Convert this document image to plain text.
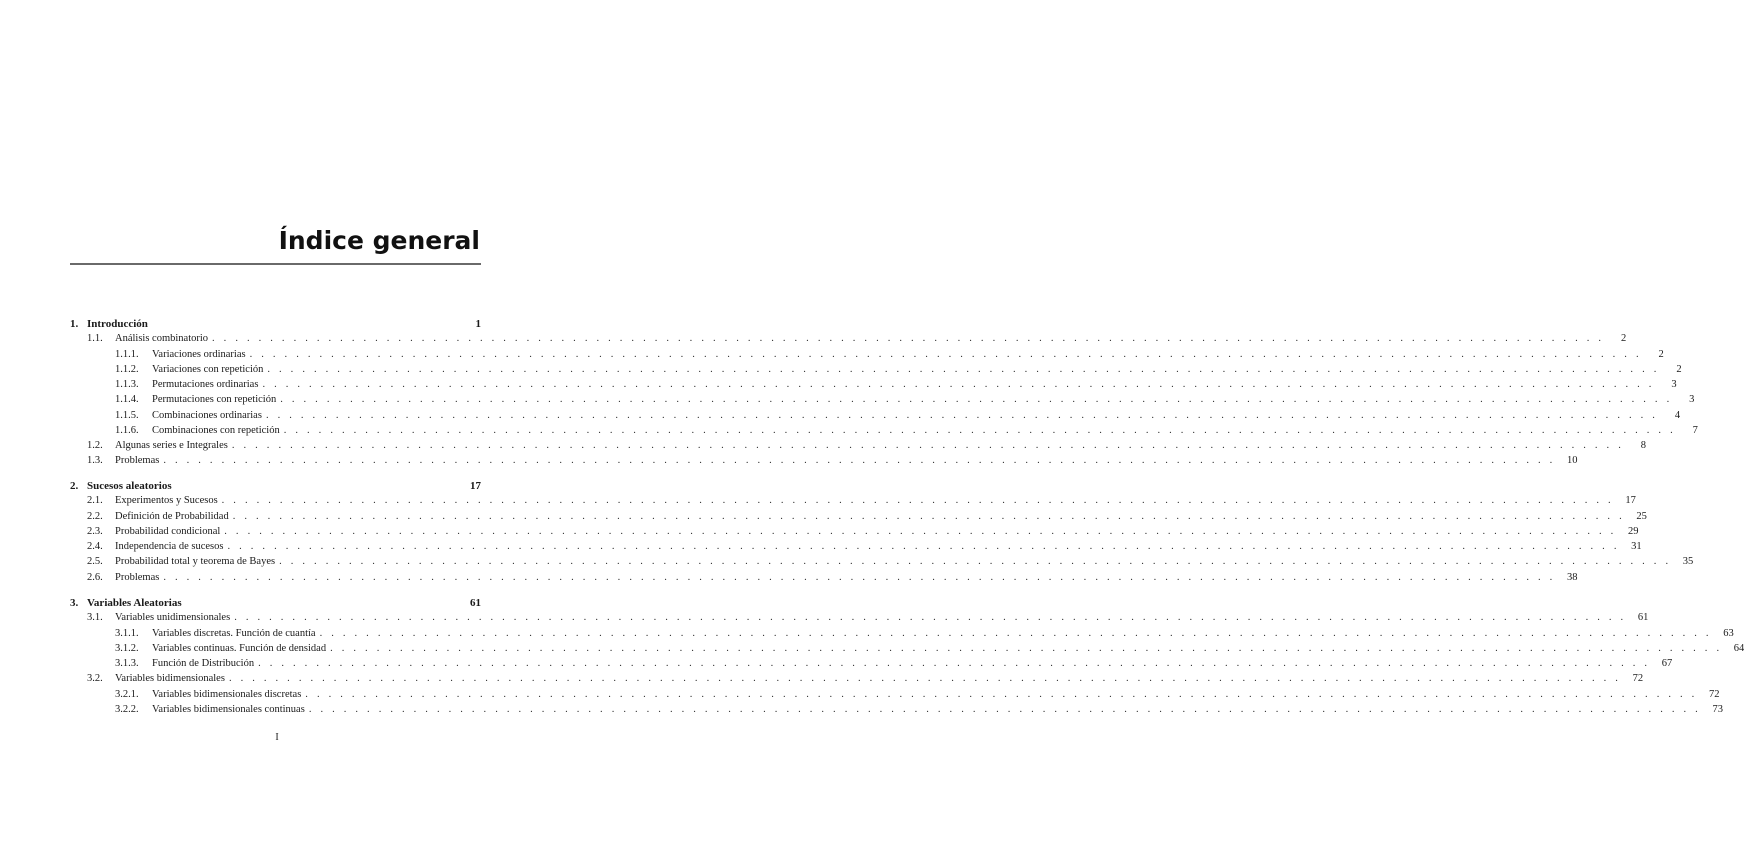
Índice general
1. Introducción	1
1.1.	Análisis combinatorio . . . . . . . . . . . . . . . . . . . . . . . . . . . . . . . . . . . . . . . . . . . . . . . . . . . . . . . . . . . . . . . . . . . . . . . . . . . . . . . . . . . . . . . . . . . . . . . . . . . . . . . . . . . . . . . . . . . . . . . .	2
1.1.1.	Variaciones ordinarias . . . . . . . . . . . . . . . . . . . . . . . . . . . . . . . . . . . . . . . . . . . . . . . . . . . . . . . . . . . . . . . . . . . . . . . . . . . . . . . . . . . . . . . . . . . . . . . . . . . . . . . . . . . . . . . . . . . . . . . .	2
1.1.2.	Variaciones con repetición . . . . . . . . . . . . . . . . . . . . . . . . . . . . . . . . . . . . . . . . . . . . . . . . . . . . . . . . . . . . . . . . . . . . . . . . . . . . . . . . . . . . . . . . . . . . . . . . . . . . . . . . . . . . . . . . . . . . . . . .	2
1.1.3.	Permutaciones ordinarias . . . . . . . . . . . . . . . . . . . . . . . . . . . . . . . . . . . . . . . . . . . . . . . . . . . . . . . . . . . . . . . . . . . . . . . . . . . . . . . . . . . . . . . . . . . . . . . . . . . . . . . . . . . . . . . . . . . . . . . .	3
1.1.4.	Permutaciones con repetición . . . . . . . . . . . . . . . . . . . . . . . . . . . . . . . . . . . . . . . . . . . . . . . . . . . . . . . . . . . . . . . . . . . . . . . . . . . . . . . . . . . . . . . . . . . . . . . . . . . . . . . . . . . . . . . . . . . . . . . .	3
1.1.5.	Combinaciones ordinarias . . . . . . . . . . . . . . . . . . . . . . . . . . . . . . . . . . . . . . . . . . . . . . . . . . . . . . . . . . . . . . . . . . . . . . . . . . . . . . . . . . . . . . . . . . . . . . . . . . . . . . . . . . . . . . . . . . . . . . . .	4
1.1.6.	Combinaciones con repetición . . . . . . . . . . . . . . . . . . . . . . . . . . . . . . . . . . . . . . . . . . . . . . . . . . . . . . . . . . . . . . . . . . . . . . . . . . . . . . . . . . . . . . . . . . . . . . . . . . . . . . . . . . . . . . . . . . . . . . . .	7
1.2.	Algunas series e Integrales . . . . . . . . . . . . . . . . . . . . . . . . . . . . . . . . . . . . . . . . . . . . . . . . . . . . . . . . . . . . . . . . . . . . . . . . . . . . . . . . . . . . . . . . . . . . . . . . . . . . . . . . . . . . . . . . . . . . . . . .	8
1.3.	Problemas . . . . . . . . . . . . . . . . . . . . . . . . . . . . . . . . . . . . . . . . . . . . . . . . . . . . . . . . . . . . . . . . . . . . . . . . . . . . . . . . . . . . . . . . . . . . . . . . . . . . . . . . . . . . . . . . . . . . . . . .	10
2. Sucesos aleatorios	17
2.1.	Experimentos y Sucesos . . . . . . . . . . . . . . . . . . . . . . . . . . . . . . . . . . . . . . . . . . . . . . . . . . . . . . . . . . . . . . . . . . . . . . . . . . . . . . . . . . . . . . . . . . . . . . . . . . . . . . . . . . . . . . . . . . . . . . . .	17
2.2.	Definición de Probabilidad . . . . . . . . . . . . . . . . . . . . . . . . . . . . . . . . . . . . . . . . . . . . . . . . . . . . . . . . . . . . . . . . . . . . . . . . . . . . . . . . . . . . . . . . . . . . . . . . . . . . . . . . . . . . . . . . . . . . . . . .	25
2.3.	Probabilidad condicional . . . . . . . . . . . . . . . . . . . . . . . . . . . . . . . . . . . . . . . . . . . . . . . . . . . . . . . . . . . . . . . . . . . . . . . . . . . . . . . . . . . . . . . . . . . . . . . . . . . . . . . . . . . . . . . . . . . . . . . .	29
2.4.	Independencia de sucesos . . . . . . . . . . . . . . . . . . . . . . . . . . . . . . . . . . . . . . . . . . . . . . . . . . . . . . . . . . . . . . . . . . . . . . . . . . . . . . . . . . . . . . . . . . . . . . . . . . . . . . . . . . . . . . . . . . . . . . . .	31
2.5.	Probabilidad total y teorema de Bayes . . . . . . . . . . . . . . . . . . . . . . . . . . . . . . . . . . . . . . . . . . . . . . . . . . . . . . . . . . . . . . . . . . . . . . . . . . . . . . . . . . . . . . . . . . . . . . . . . . . . . . . . . . . . . . . . . . . . . . . .	35
2.6.	Problemas . . . . . . . . . . . . . . . . . . . . . . . . . . . . . . . . . . . . . . . . . . . . . . . . . . . . . . . . . . . . . . . . . . . . . . . . . . . . . . . . . . . . . . . . . . . . . . . . . . . . . . . . . . . . . . . . . . . . . . . .	38
3. Variables Aleatorias	61
3.1.	Variables unidimensionales . . . . . . . . . . . . . . . . . . . . . . . . . . . . . . . . . . . . . . . . . . . . . . . . . . . . . . . . . . . . . . . . . . . . . . . . . . . . . . . . . . . . . . . . . . . . . . . . . . . . . . . . . . . . . . . . . . . . . . . .	61
3.1.1.	Variables discretas. Función de cuantía . . . . . . . . . . . . . . . . . . . . . . . . . . . . . . . . . . . . . . . . . . . . . . . . . . . . . . . . . . . . . . . . . . . . . . . . . . . . . . . . . . . . . . . . . . . . . . . . . . . . . . . . . . . . . . . . . . . . . . . .	63
3.1.2.	Variables continuas. Función de densidad . . . . . . . . . . . . . . . . . . . . . . . . . . . . . . . . . . . . . . . . . . . . . . . . . . . . . . . . . . . . . . . . . . . . . . . . . . . . . . . . . . . . . . . . . . . . . . . . . . . . . . . . . . . . . . . . . . . . . . . .	64
3.1.3.	Función de Distribución . . . . . . . . . . . . . . . . . . . . . . . . . . . . . . . . . . . . . . . . . . . . . . . . . . . . . . . . . . . . . . . . . . . . . . . . . . . . . . . . . . . . . . . . . . . . . . . . . . . . . . . . . . . . . . . . . . . . . . . .	67
3.2.	Variables bidimensionales . . . . . . . . . . . . . . . . . . . . . . . . . . . . . . . . . . . . . . . . . . . . . . . . . . . . . . . . . . . . . . . . . . . . . . . . . . . . . . . . . . . . . . . . . . . . . . . . . . . . . . . . . . . . . . . . . . . . . . . .	72
3.2.1.	Variables bidimensionales discretas . . . . . . . . . . . . . . . . . . . . . . . . . . . . . . . . . . . . . . . . . . . . . . . . . . . . . . . . . . . . . . . . . . . . . . . . . . . . . . . . . . . . . . . . . . . . . . . . . . . . . . . . . . . . . . . . . . . . . . . .	72
3.2.2.	Variables bidimensionales continuas . . . . . . . . . . . . . . . . . . . . . . . . . . . . . . . . . . . . . . . . . . . . . . . . . . . . . . . . . . . . . . . . . . . . . . . . . . . . . . . . . . . . . . . . . . . . . . . . . . . . . . . . . . . . . . . . . . . . . . . .	73
I
